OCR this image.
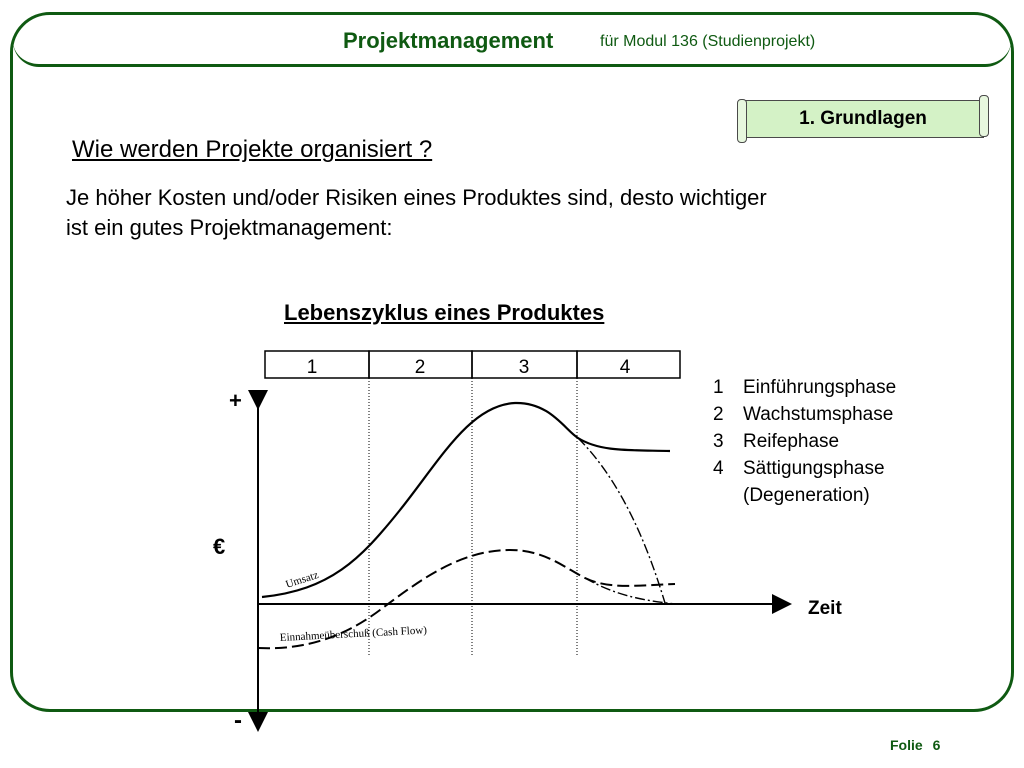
Projektmanagement	für Modul 136 (Studienprojekt)
1. Grundlagen
Wie werden Projekte organisiert ?
Je höher Kosten und/oder Risiken eines Produktes sind, desto wichtiger
ist ein gutes Projektmanagement:
Lebenszyklus eines Produktes
1	2	3	4
+
€
-
Zeit
Umsatz
Einnahmeüberschuß (Cash Flow)
1 Einführungsphase
2 Wachstumsphase
3 Reifephase
4 Sättigungsphase
(Degeneration)
Folie 6
